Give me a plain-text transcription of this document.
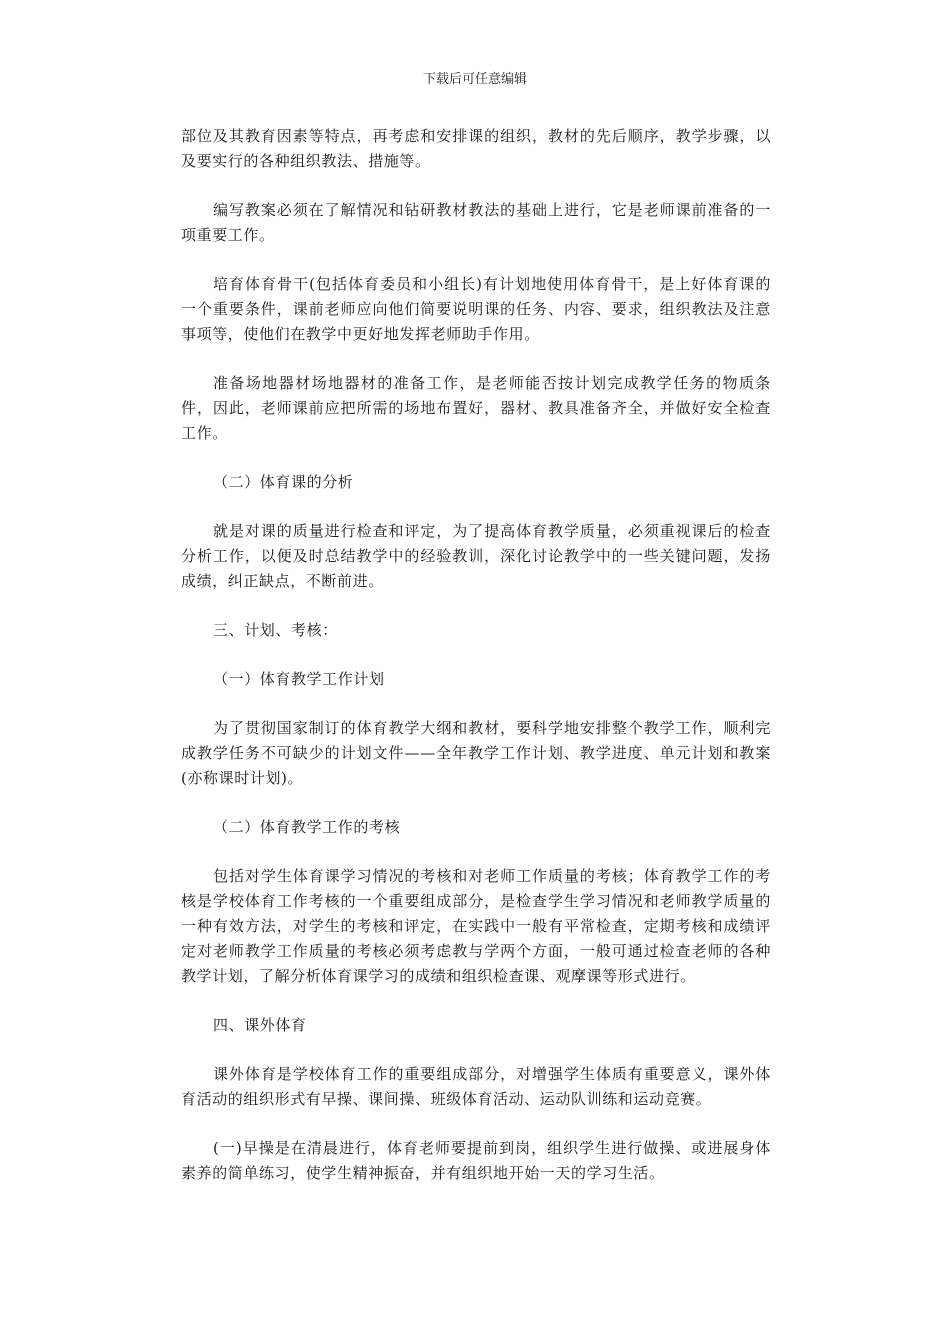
下载后可任意编辑

部位及其教育因素等特点，再考虑和安排课的组织，教材的先后顺序，教学步骤，以及要实行的各种组织教法、措施等。

编写教案必须在了解情况和钻研教材教法的基础上进行，它是老师课前准备的一项重要工作。

培育体育骨干(包括体育委员和小组长)有计划地使用体育骨干，是上好体育课的一个重要条件，课前老师应向他们简要说明课的任务、内容、要求，组织教法及注意事项等，使他们在教学中更好地发挥老师助手作用。

准备场地器材场地器材的准备工作，是老师能否按计划完成教学任务的物质条件，因此，老师课前应把所需的场地布置好，器材、教具准备齐全，并做好安全检查工作。

（二）体育课的分析

就是对课的质量进行检查和评定，为了提高体育教学质量，必须重视课后的检查分析工作，以便及时总结教学中的经验教训，深化讨论教学中的一些关键问题，发扬成绩，纠正缺点，不断前进。

三、计划、考核：

（一）体育教学工作计划

为了贯彻国家制订的体育教学大纲和教材，要科学地安排整个教学工作，顺利完成教学任务不可缺少的计划文件——全年教学工作计划、教学进度、单元计划和教案(亦称课时计划)。

（二）体育教学工作的考核

包括对学生体育课学习情况的考核和对老师工作质量的考核；体育教学工作的考核是学校体育工作考核的一个重要组成部分，是检查学生学习情况和老师教学质量的一种有效方法，对学生的考核和评定，在实践中一般有平常检查，定期考核和成绩评定对老师教学工作质量的考核必须考虑教与学两个方面，一般可通过检查老师的各种教学计划，了解分析体育课学习的成绩和组织检查课、观摩课等形式进行。

四、课外体育

课外体育是学校体育工作的重要组成部分，对增强学生体质有重要意义，课外体育活动的组织形式有早操、课间操、班级体育活动、运动队训练和运动竞赛。

(一)早操是在清晨进行，体育老师要提前到岗，组织学生进行做操、或进展身体素养的简单练习，使学生精神振奋，并有组织地开始一天的学习生活。
